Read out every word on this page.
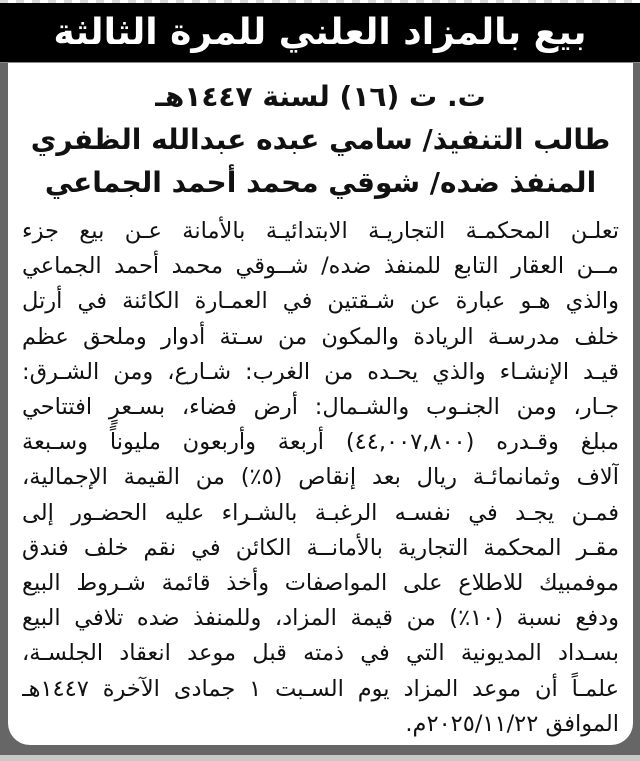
بيع بالمزاد العلني للمرة الثالثة
ت. ت (١٦) لسنة ١٤٤٧هـ
طالب التنفيذ/ سامي عبده عبدالله الظفري
المنفذ ضده/ شوقي محمد أحمد الجماعي
تعلـن المحكمـة التجاريـة الابتدائيـة بالأمانة عـن بيع جزء
مــن العقار التابع للمنفذ ضده/ شــوقي محمد أحمد الجماعي
والذي هـو عبارة عن شـقتين في العمـارة الكائنة في أرتل
خلف مدرسـة الريادة والمكون من سـتة أدوار وملحق عظم
قيـد الإنشـاء والذي يحـده من الغرب: شـارع، ومن الشـرق:
جـار، ومن الجنـوب والشـمال: أرض فضاء، بسـعرٍ افتتاحي
مبلغ وقـدره (٤٤,٠٠٧,٨٠٠) أربعة وأربعون مليوناً وسـبعة
آلاف وثمانمائـة ريال بعد إنقاص (٥٪) من القيمة الإجمالية،
فمـن يجـد في نفسـه الرغبـة بالشـراء عليه الحضـور إلى
مقـر المحكمة التجارية بالأمانــة الكائن في نقم خلف فندق
موفمبيك للاطلاع على المواصفات وأخذ قائمة شـروط البيع
ودفع نسبة (١٠٪) من قيمة المزاد، وللمنفذ ضده تلافي البيع
بسـداد المديونية التي في ذمته قبل موعد انعقاد الجلسـة،
علمـاً أن موعد المزاد يوم السـبت ١ جمادى الآخرة ١٤٤٧هـ
الموافق ٢٠٢٥/١١/٢٢م.
